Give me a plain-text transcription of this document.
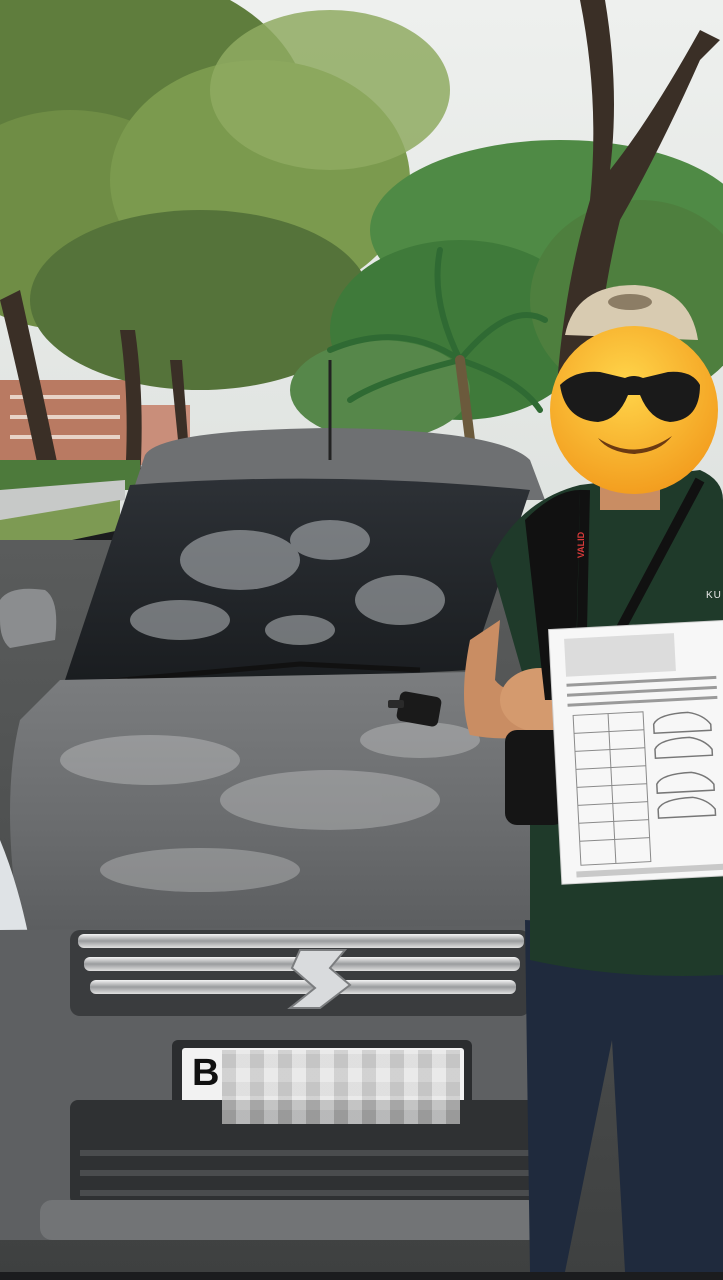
B
VALID
KU
